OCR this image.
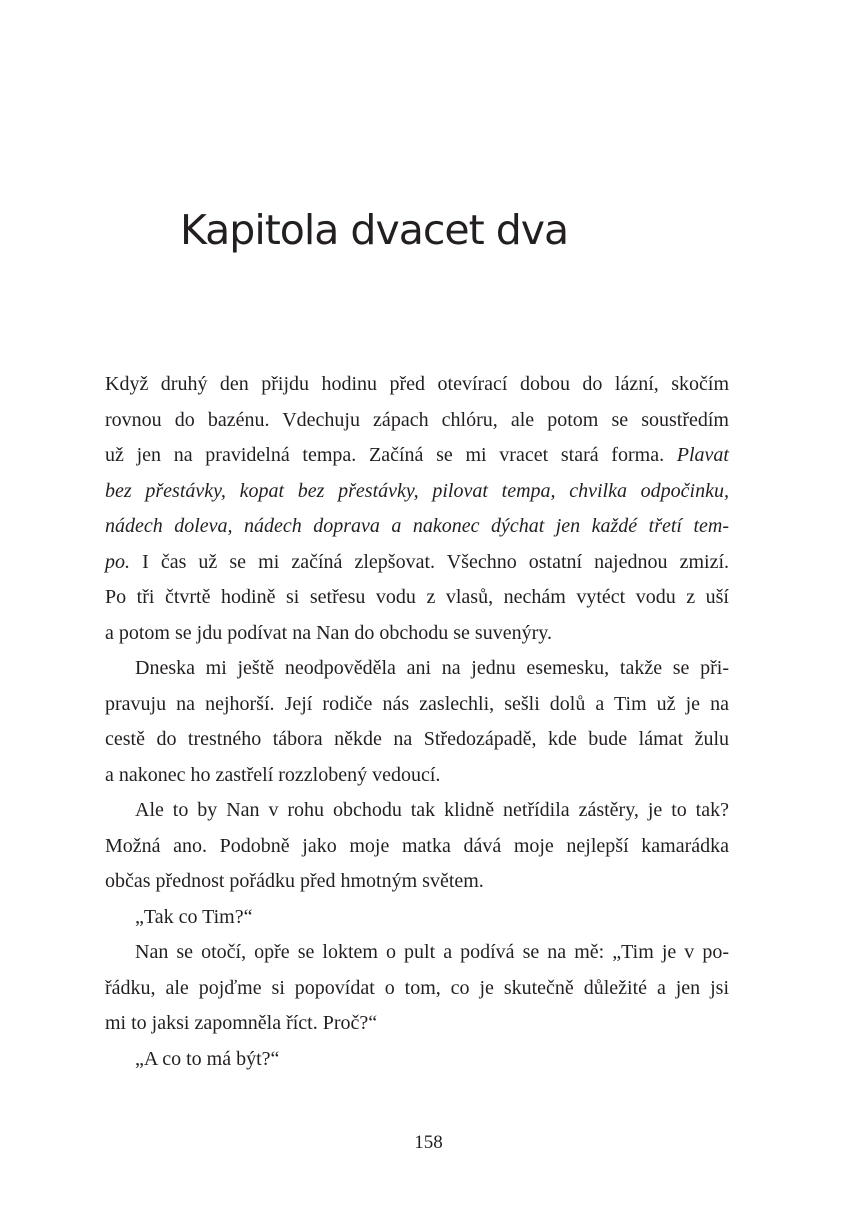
Kapitola dvacet dva
Když druhý den přijdu hodinu před otevírací dobou do lázní, skočím
rovnou do bazénu. Vdechuju zápach chlóru, ale potom se soustředím
už jen na pravidelná tempa. Začíná se mi vracet stará forma. Plavat
bez přestávky, kopat bez přestávky, pilovat tempa, chvilka odpočinku,
nádech doleva, nádech doprava a nakonec dýchat jen každé třetí tem-
po. I čas už se mi začíná zlepšovat. Všechno ostatní najednou zmizí.
Po tři čtvrtě hodině si setřesu vodu z vlasů, nechám vytéct vodu z uší
a potom se jdu podívat na Nan do obchodu se suvenýry.
Dneska mi ještě neodpověděla ani na jednu esemesku, takže se při-
pravuju na nejhorší. Její rodiče nás zaslechli, sešli dolů a Tim už je na
cestě do trestného tábora někde na Středozápadě, kde bude lámat žulu
a nakonec ho zastřelí rozzlobený vedoucí.
Ale to by Nan v rohu obchodu tak klidně netřídila zástěry, je to tak?
Možná ano. Podobně jako moje matka dává moje nejlepší kamarádka
občas přednost pořádku před hmotným světem.
„Tak co Tim?“
Nan se otočí, opře se loktem o pult a podívá se na mě: „Tim je v po-
řádku, ale pojďme si popovídat o tom, co je skutečně důležité a jen jsi
mi to jaksi zapomněla říct. Proč?“
„A co to má být?“
158
